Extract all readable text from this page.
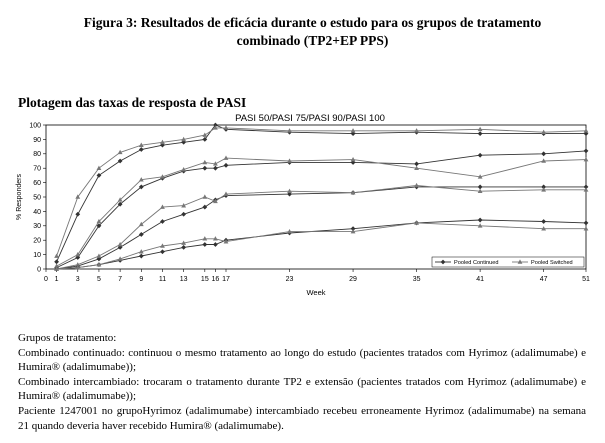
Figura 3: Resultados de eficácia durante o estudo para os grupos de tratamento
combinado (TP2+EP PPS)
Plotagem das taxas de resposta de PASI
PASI 50/PASI 75/PASI 90/PASI 100
0
10
20
30
40
50
60
70
80
90
100
0 1 3 5 7 9 11 13 15 16 17	23	29	35	41	47	51
Pooled Continued	Pooled Switched
% Responders
Week

Grupos de tratamento:

Combinado continuado: continuou o mesmo tratamento ao longo do estudo (pacientes tratados com Hyrimoz (adalimumabe) e Humira® (adalimumabe));

Combinado intercambiado: trocaram o tratamento durante TP2 e extensão (pacientes tratados com Hyrimoz (adalimumabe) e Humira® (adalimumabe));

Paciente 1247001 no grupoHyrimoz (adalimumabe) intercambiado recebeu erroneamente Hyrimoz (adalimumabe) na semana 21 quando deveria haver recebido Humira® (adalimumabe).
